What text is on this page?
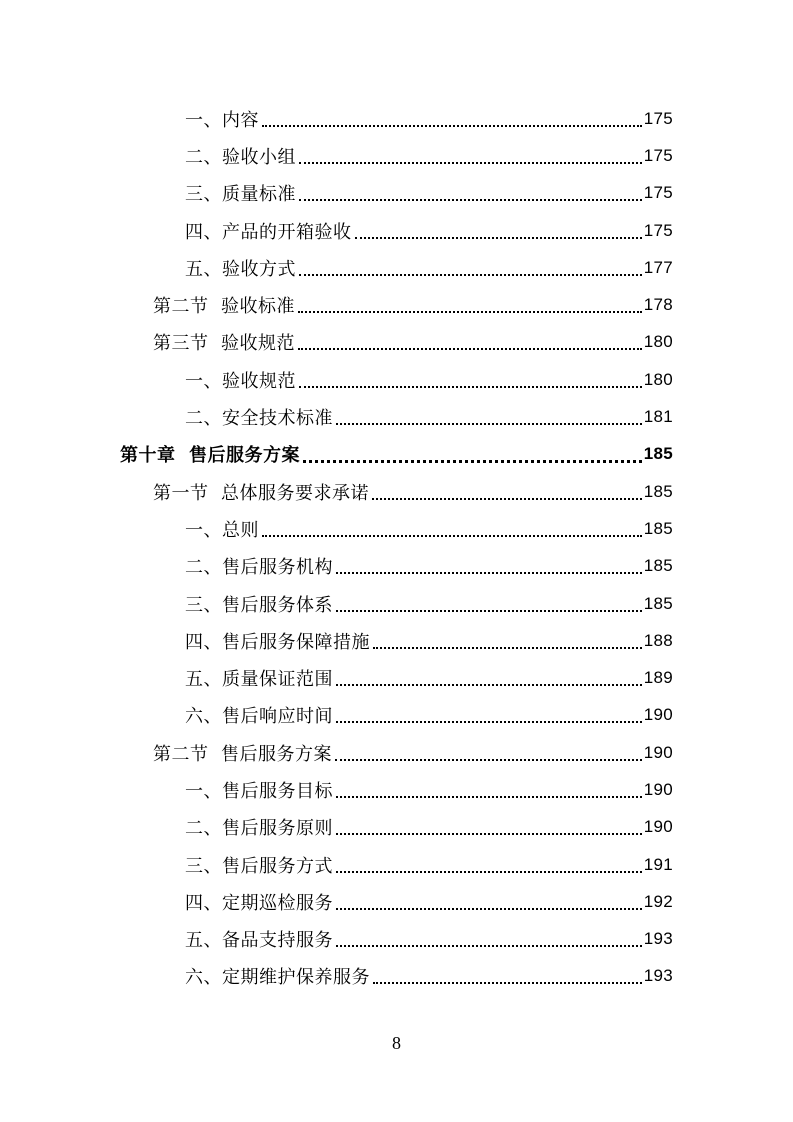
一、内容	175
二、验收小组	175
三、质量标准	175
四、产品的开箱验收	175
五、验收方式	177
第二节  验收标准	178
第三节  验收规范	180
一、验收规范	180
二、安全技术标准	181
第十章  售后服务方案	185
第一节  总体服务要求承诺	185
一、总则	185
二、售后服务机构	185
三、售后服务体系	185
四、售后服务保障措施	188
五、质量保证范围	189
六、售后响应时间	190
第二节  售后服务方案	190
一、售后服务目标	190
二、售后服务原则	190
三、售后服务方式	191
四、定期巡检服务	192
五、备品支持服务	193
六、定期维护保养服务	193
8
